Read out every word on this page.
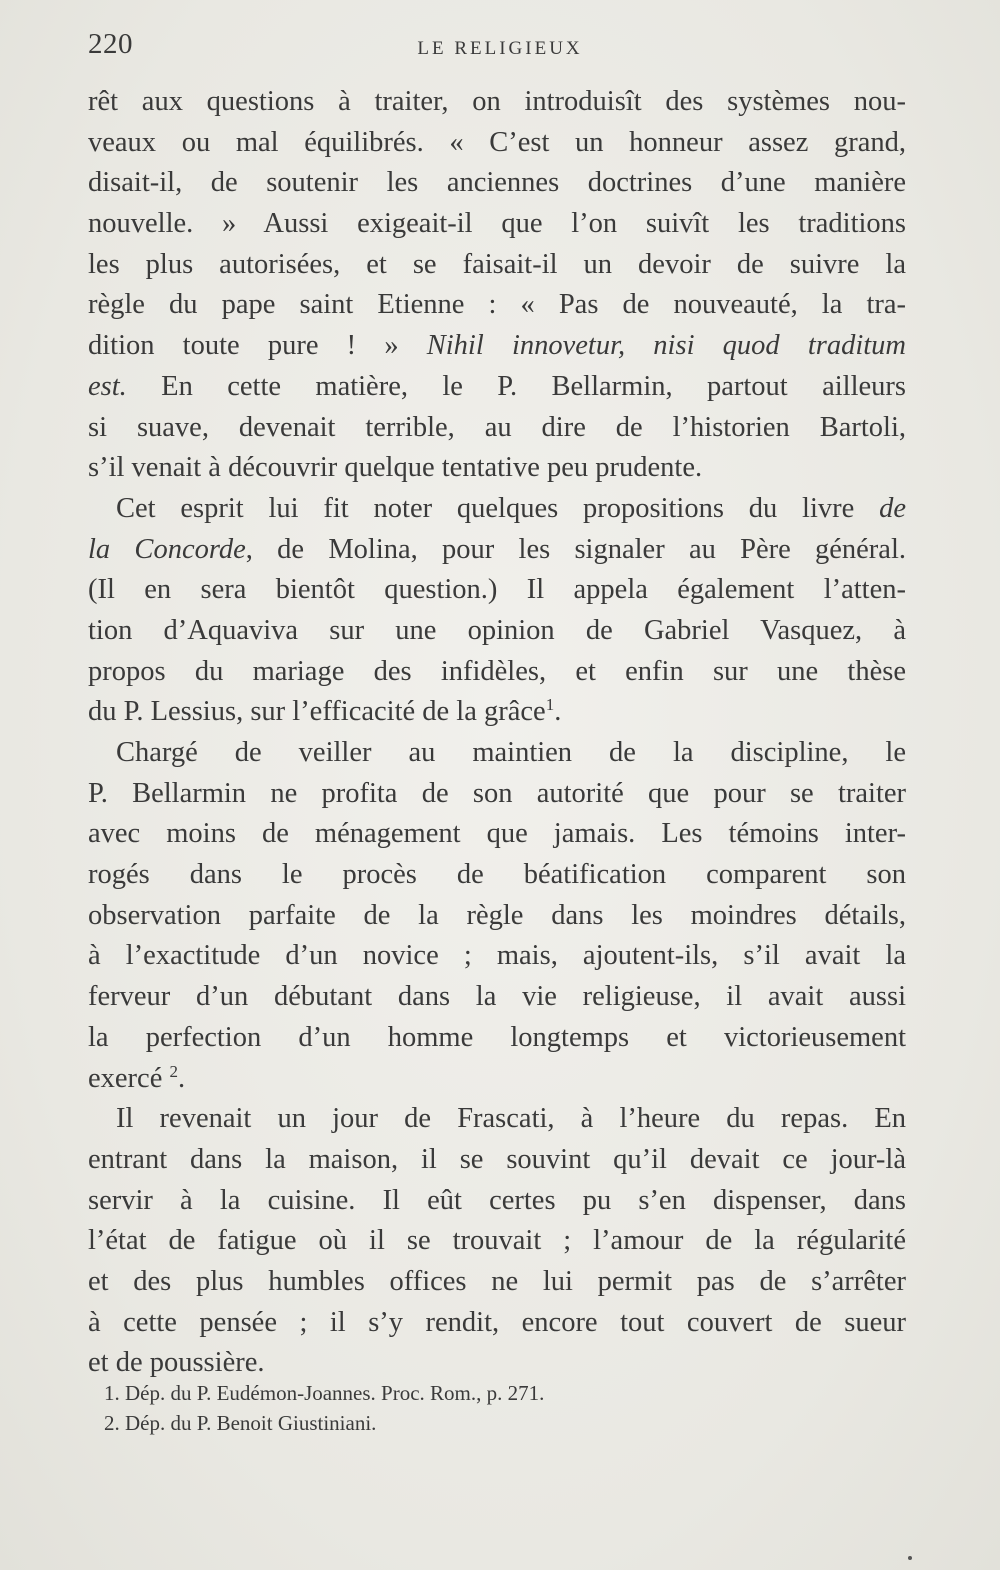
220	LE RELIGIEUX
rêt aux questions à traiter, on introduisît des systèmes nou-
veaux ou mal équilibrés. « C’est un honneur assez grand,
disait-il, de soutenir les anciennes doctrines d’une manière
nouvelle. » Aussi exigeait-il que l’on suivît les traditions
les plus autorisées, et se faisait-il un devoir de suivre la
règle du pape saint Etienne : « Pas de nouveauté, la tra-
dition toute pure ! » Nihil innovetur, nisi quod traditum
est. En cette matière, le P. Bellarmin, partout ailleurs
si suave, devenait terrible, au dire de l’historien Bartoli,
s’il venait à découvrir quelque tentative peu prudente.
Cet esprit lui fit noter quelques propositions du livre de
la Concorde, de Molina, pour les signaler au Père général.
(Il en sera bientôt question.) Il appela également l’atten-
tion d’Aquaviva sur une opinion de Gabriel Vasquez, à
propos du mariage des infidèles, et enfin sur une thèse
du P. Lessius, sur l’efficacité de la grâce$^1$.
Chargé de veiller au maintien de la discipline, le
P. Bellarmin ne profita de son autorité que pour se traiter
avec moins de ménagement que jamais. Les témoins inter-
rogés dans le procès de béatification comparent son
observation parfaite de la règle dans les moindres détails,
à l’exactitude d’un novice ; mais, ajoutent-ils, s’il avait la
ferveur d’un débutant dans la vie religieuse, il avait aussi
la perfection d’un homme longtemps et victorieusement
exercé $^2$.
Il revenait un jour de Frascati, à l’heure du repas. En
entrant dans la maison, il se souvint qu’il devait ce jour-là
servir à la cuisine. Il eût certes pu s’en dispenser, dans
l’état de fatigue où il se trouvait ; l’amour de la régularité
et des plus humbles offices ne lui permit pas de s’arrêter
à cette pensée ; il s’y rendit, encore tout couvert de sueur
et de poussière.
1. Dép. du P. Eudémon-Joannes. Proc. Rom., p. 271.
2. Dép. du P. Benoit Giustiniani.
